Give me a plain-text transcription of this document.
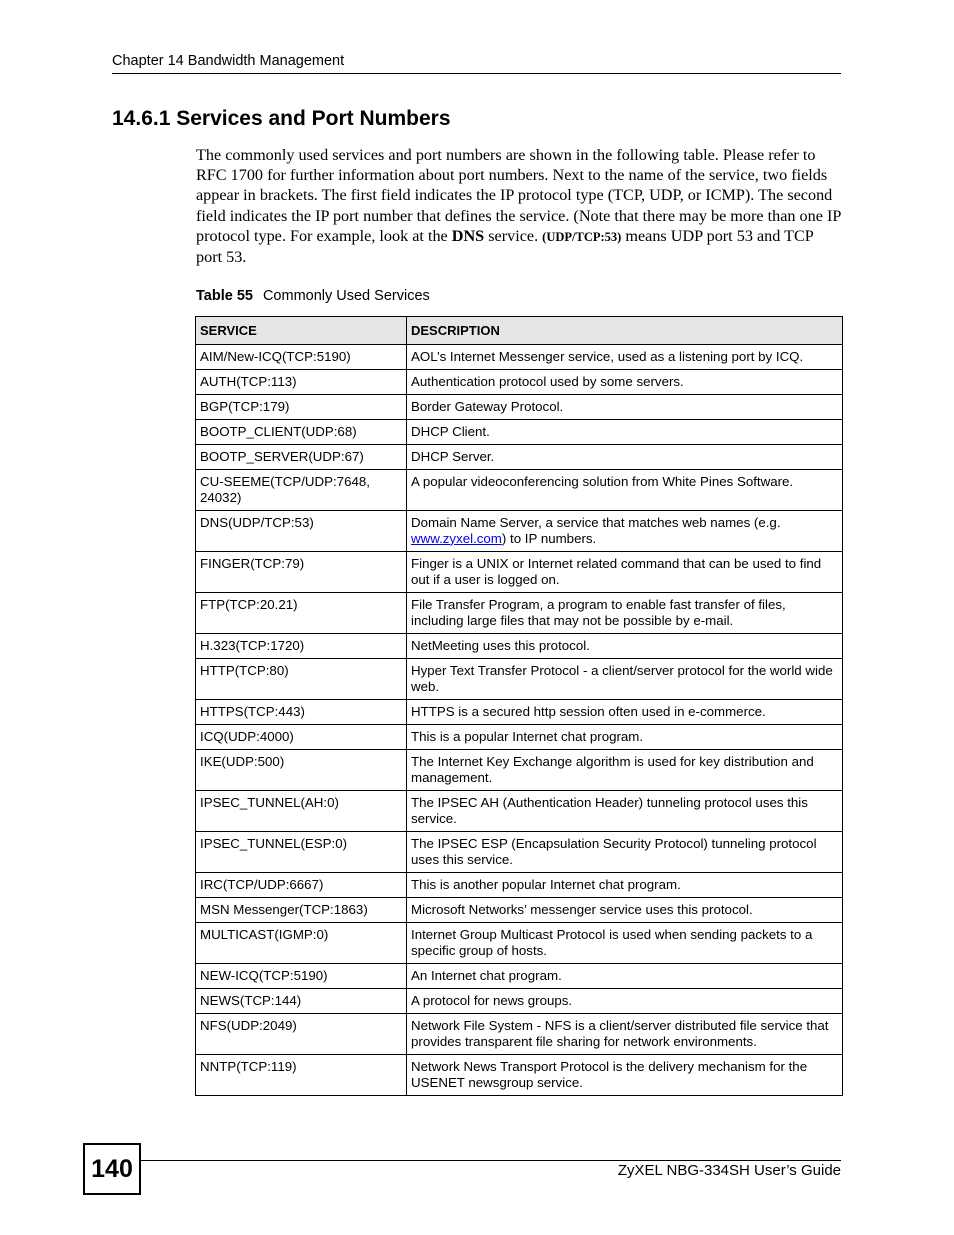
Chapter 14 Bandwidth Management
14.6.1 Services and Port Numbers

The commonly used services and port numbers are shown in the following table. Please refer to RFC 1700 for further information about port numbers. Next to the name of the service, two fields appear in brackets. The first field indicates the IP protocol type (TCP, UDP, or ICMP). The second field indicates the IP port number that defines the service. (Note that there may be more than one IP protocol type. For example, look at the DNS service. (UDP/TCP:53) means UDP port 53 and TCP port 53.

Table 55 Commonly Used Services
SERVICE	DESCRIPTION
AIM/New-ICQ(TCP:5190)	AOL’s Internet Messenger service, used as a listening port by ICQ.
AUTH(TCP:113)	Authentication protocol used by some servers.
BGP(TCP:179)	Border Gateway Protocol.
BOOTP_CLIENT(UDP:68)	DHCP Client.
BOOTP_SERVER(UDP:67)	DHCP Server.
CU-SEEME(TCP/UDP:7648, 24032)	A popular videoconferencing solution from White Pines Software.
DNS(UDP/TCP:53)	Domain Name Server, a service that matches web names (e.g. www.zyxel.com) to IP numbers.
FINGER(TCP:79)	Finger is a UNIX or Internet related command that can be used to find out if a user is logged on.
FTP(TCP:20.21)	File Transfer Program, a program to enable fast transfer of files, including large files that may not be possible by e-mail.
H.323(TCP:1720)	NetMeeting uses this protocol.
HTTP(TCP:80)	Hyper Text Transfer Protocol - a client/server protocol for the world wide web.
HTTPS(TCP:443)	HTTPS is a secured http session often used in e-commerce.
ICQ(UDP:4000)	This is a popular Internet chat program.
IKE(UDP:500)	The Internet Key Exchange algorithm is used for key distribution and management.
IPSEC_TUNNEL(AH:0)	The IPSEC AH (Authentication Header) tunneling protocol uses this service.
IPSEC_TUNNEL(ESP:0)	The IPSEC ESP (Encapsulation Security Protocol) tunneling protocol uses this service.
IRC(TCP/UDP:6667)	This is another popular Internet chat program.
MSN Messenger(TCP:1863)	Microsoft Networks’ messenger service uses this protocol.
MULTICAST(IGMP:0)	Internet Group Multicast Protocol is used when sending packets to a specific group of hosts.
NEW-ICQ(TCP:5190)	An Internet chat program.
NEWS(TCP:144)	A protocol for news groups.
NFS(UDP:2049)	Network File System - NFS is a client/server distributed file service that provides transparent file sharing for network environments.
NNTP(TCP:119)	Network News Transport Protocol is the delivery mechanism for the USENET newsgroup service.
140	ZyXEL NBG-334SH User’s Guide
